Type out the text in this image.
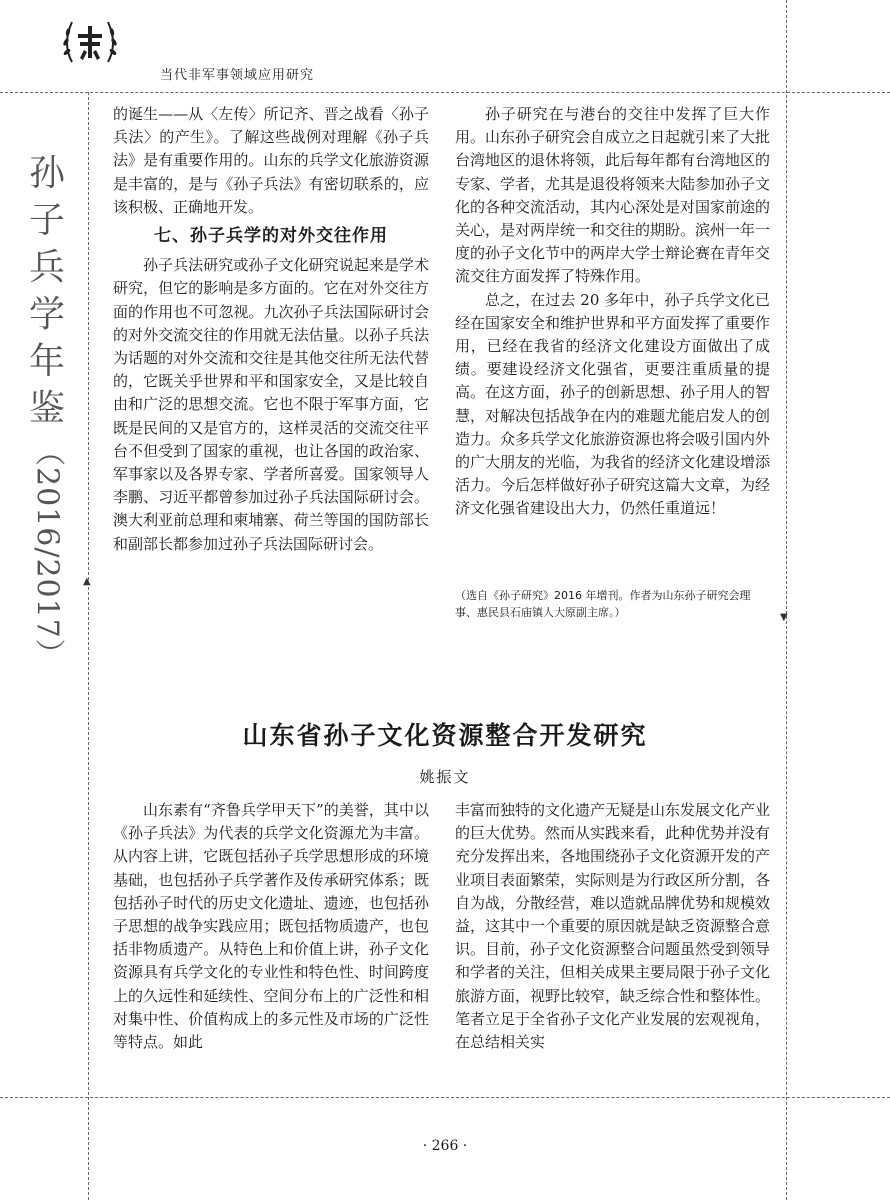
当代非军事领域应用研究
孙
子
兵
学
年
鉴
（2016/2017）	▲
▼

的诞生——从〈左传〉所记齐、晋之战看〈孙子兵法〉的产生》。了解这些战例对理解《孙子兵法》是有重要作用的。山东的兵学文化旅游资源是丰富的，是与《孙子兵法》有密切联系的，应该积极、正确地开发。

七、孙子兵学的对外交往作用

孙子兵法研究或孙子文化研究说起来是学术研究，但它的影响是多方面的。它在对外交往方面的作用也不可忽视。九次孙子兵法国际研讨会的对外交流交往的作用就无法估量。以孙子兵法为话题的对外交流和交往是其他交往所无法代替的，它既关乎世界和平和国家安全，又是比较自由和广泛的思想交流。它也不限于军事方面，它既是民间的又是官方的，这样灵活的交流交往平台不但受到了国家的重视，也让各国的政治家、军事家以及各界专家、学者所喜爱。国家领导人李鹏、习近平都曾参加过孙子兵法国际研讨会。澳大利亚前总理和柬埔寨、荷兰等国的国防部长和副部长都参加过孙子兵法国际研讨会。

孙子研究在与港台的交往中发挥了巨大作用。山东孙子研究会自成立之日起就引来了大批台湾地区的退休将领，此后每年都有台湾地区的专家、学者，尤其是退役将领来大陆参加孙子文化的各种交流活动，其内心深处是对国家前途的关心，是对两岸统一和交往的期盼。滨州一年一度的孙子文化节中的两岸大学士辩论赛在青年交流交往方面发挥了特殊作用。

总之，在过去 20 多年中，孙子兵学文化已经在国家安全和维护世界和平方面发挥了重要作用，已经在我省的经济文化建设方面做出了成绩。要建设经济文化强省，更要注重质量的提高。在这方面，孙子的创新思想、孙子用人的智慧，对解决包括战争在内的难题尤能启发人的创造力。众多兵学文化旅游资源也将会吸引国内外的广大朋友的光临，为我省的经济文化建设增添活力。今后怎样做好孙子研究这篇大文章，为经济文化强省建设出大力，仍然任重道远！

（选自《孙子研究》2016 年增刊。作者为山东孙子研究会理事、惠民县石庙镇人大原副主席。）
山东省孙子文化资源整合开发研究
姚振文

山东素有“齐鲁兵学甲天下”的美誉，其中以《孙子兵法》为代表的兵学文化资源尤为丰富。从内容上讲，它既包括孙子兵学思想形成的环境基础，也包括孙子兵学著作及传承研究体系；既包括孙子时代的历史文化遗址、遗迹，也包括孙子思想的战争实践应用；既包括物质遗产，也包括非物质遗产。从特色上和价值上讲，孙子文化资源具有兵学文化的专业性和特色性、时间跨度上的久远性和延续性、空间分布上的广泛性和相对集中性、价值构成上的多元性及市场的广泛性等特点。如此

丰富而独特的文化遗产无疑是山东发展文化产业的巨大优势。然而从实践来看，此种优势并没有充分发挥出来，各地围绕孙子文化资源开发的产业项目表面繁荣，实际则是为行政区所分割，各自为战，分散经营，难以造就品牌优势和规模效益，这其中一个重要的原因就是缺乏资源整合意识。目前，孙子文化资源整合问题虽然受到领导和学者的关注，但相关成果主要局限于孙子文化旅游方面，视野比较窄，缺乏综合性和整体性。笔者立足于全省孙子文化产业发展的宏观视角，在总结相关实

· 266 ·
